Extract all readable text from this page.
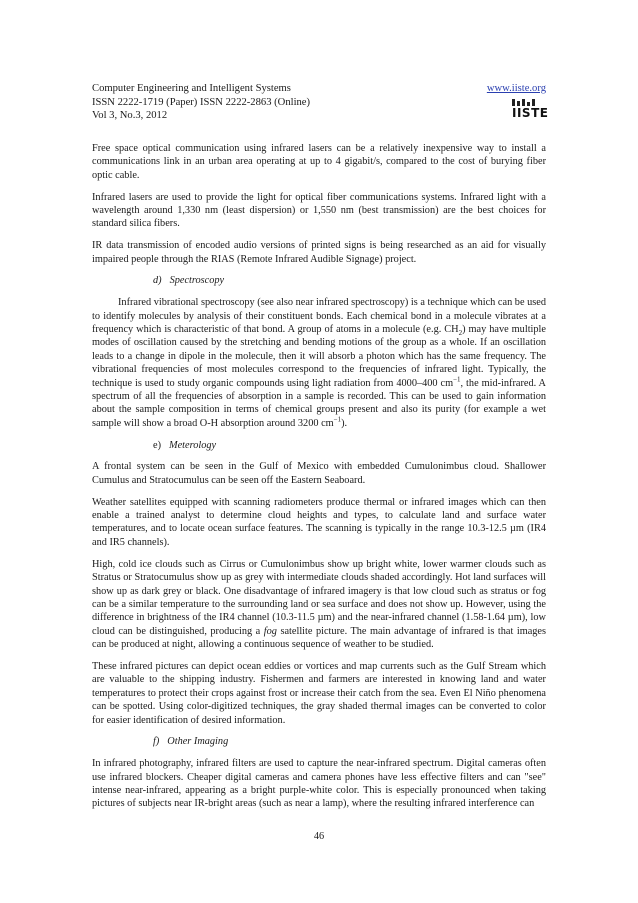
Computer Engineering and Intelligent Systems
ISSN 2222-1719 (Paper) ISSN 2222-2863 (Online)
Vol 3, No.3, 2012
www.iiste.org
IISTE

Free space optical communication using infrared lasers can be a relatively inexpensive way to install a communications link in an urban area operating at up to 4 gigabit/s, compared to the cost of burying fiber optic cable.

Infrared lasers are used to provide the light for optical fiber communications systems. Infrared light with a wavelength around 1,330 nm (least dispersion) or 1,550 nm (best transmission) are the best choices for standard silica fibers.

IR data transmission of encoded audio versions of printed signs is being researched as an aid for visually impaired people through the RIAS (Remote Infrared Audible Signage) project.

d) Spectroscopy

Infrared vibrational spectroscopy (see also near infrared spectroscopy) is a technique which can be used to identify molecules by analysis of their constituent bonds. Each chemical bond in a molecule vibrates at a frequency which is characteristic of that bond. A group of atoms in a molecule (e.g. $CH_2$) may have multiple modes of oscillation caused by the stretching and bending motions of the group as a whole. If an oscillation leads to a change in dipole in the molecule, then it will absorb a photon which has the same frequency. The vibrational frequencies of most molecules correspond to the frequencies of infrared light. Typically, the technique is used to study organic compounds using light radiation from 4000–400 $cm^{-1}$, the mid-infrared. A spectrum of all the frequencies of absorption in a sample is recorded. This can be used to gain information about the sample composition in terms of chemical groups present and also its purity (for example a wet sample will show a broad O-H absorption around 3200 $cm^{-1}$).

e) Meterology

A frontal system can be seen in the Gulf of Mexico with embedded Cumulonimbus cloud. Shallower Cumulus and Stratocumulus can be seen off the Eastern Seaboard.

Weather satellites equipped with scanning radiometers produce thermal or infrared images which can then enable a trained analyst to determine cloud heights and types, to calculate land and surface water temperatures, and to locate ocean surface features. The scanning is typically in the range 10.3-12.5 µm (IR4 and IR5 channels).

High, cold ice clouds such as Cirrus or Cumulonimbus show up bright white, lower warmer clouds such as Stratus or Stratocumulus show up as grey with intermediate clouds shaded accordingly. Hot land surfaces will show up as dark grey or black. One disadvantage of infrared imagery is that low cloud such as stratus or fog can be a similar temperature to the surrounding land or sea surface and does not show up. However, using the difference in brightness of the IR4 channel (10.3-11.5 µm) and the near-infrared channel (1.58-1.64 µm), low cloud can be distinguished, producing a fog satellite picture. The main advantage of infrared is that images can be produced at night, allowing a continuous sequence of weather to be studied.

These infrared pictures can depict ocean eddies or vortices and map currents such as the Gulf Stream which are valuable to the shipping industry. Fishermen and farmers are interested in knowing land and water temperatures to protect their crops against frost or increase their catch from the sea. Even El Niño phenomena can be spotted. Using color-digitized techniques, the gray shaded thermal images can be converted to color for easier identification of desired information.

f) Other Imaging

In infrared photography, infrared filters are used to capture the near-infrared spectrum. Digital cameras often use infrared blockers. Cheaper digital cameras and camera phones have less effective filters and can "see" intense near-infrared, appearing as a bright purple-white color. This is especially pronounced when taking pictures of subjects near IR-bright areas (such as near a lamp), where the resulting infrared interference can

46
